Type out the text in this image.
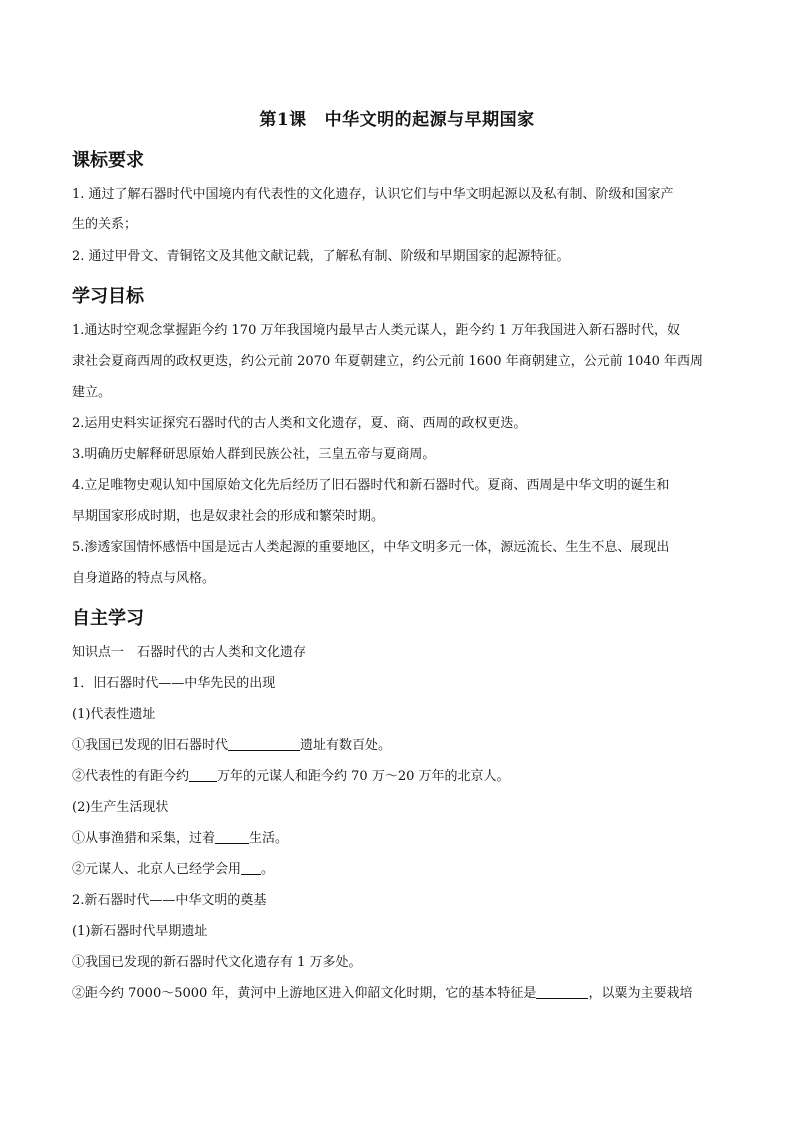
第1课 中华文明的起源与早期国家
课标要求
1. 通过了解石器时代中国境内有代表性的文化遗存，认识它们与中华文明起源以及私有制、阶级和国家产
生的关系；
2. 通过甲骨文、青铜铭文及其他文献记载，了解私有制、阶级和早期国家的起源特征。
学习目标
1.通达时空观念掌握距今约 170 万年我国境内最早古人类元谋人，距今约 1 万年我国进入新石器时代，奴
隶社会夏商西周的政权更迭，约公元前 2070 年夏朝建立，约公元前 1600 年商朝建立，公元前 1040 年西周
建立。
2.运用史料实证探究石器时代的古人类和文化遗存，夏、商、西周的政权更迭。
3.明确历史解释研思原始人群到民族公社，三皇五帝与夏商周。
4.立足唯物史观认知中国原始文化先后经历了旧石器时代和新石器时代。夏商、西周是中华文明的诞生和
早期国家形成时期，也是奴隶社会的形成和繁荣时期。
5.渗透家国情怀感悟中国是远古人类起源的重要地区，中华文明多元一体，源远流长、生生不息、展现出
自身道路的特点与风格。
自主学习
知识点一　石器时代的古人类和文化遗存
1．旧石器时代——中华先民的出现
(1)代表性遗址
①我国已发现的旧石器时代	遗址有数百处。
②代表性的有距今约 万年的元谋人和距今约 70 万～20 万年的北京人。
(2)生产生活现状
①从事渔猎和采集，过着	生活。
②元谋人、北京人已经学会用 。
2.新石器时代——中华文明的奠基
(1)新石器时代早期遗址
①我国已发现的新石器时代文化遗存有 1 万多处。
②距今约 7000～5000 年，黄河中上游地区进入仰韶文化时期，它的基本特征是	，以粟为主要栽培
